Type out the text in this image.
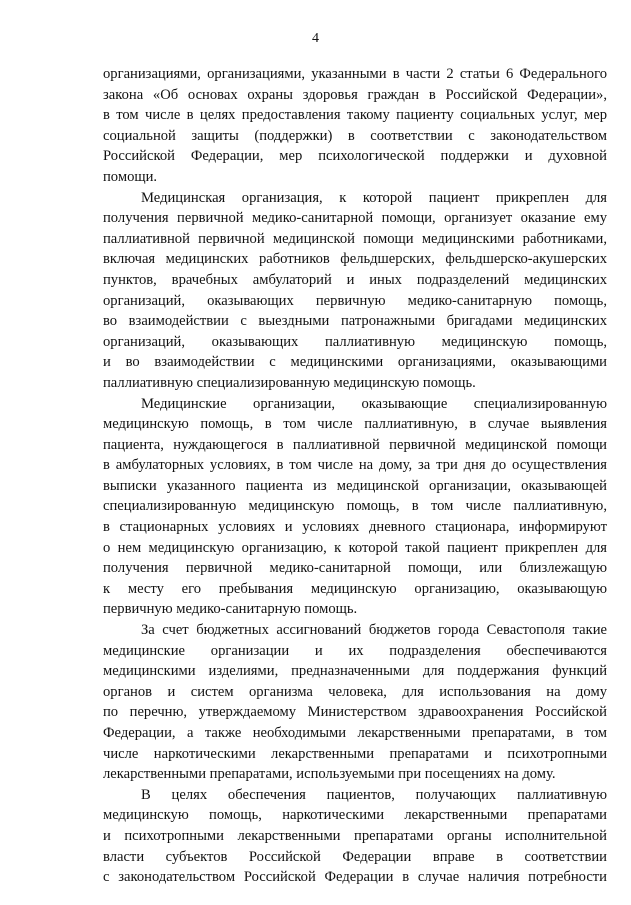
4
организациями, организациями, указанными в части 2 статьи 6 Федерального
закона «Об основах охраны здоровья граждан в Российской Федерации»,
в том числе в целях предоставления такому пациенту социальных услуг, мер
социальной защиты (поддержки) в соответствии с законодательством
Российской Федерации, мер психологической поддержки и духовной
помощи.
Медицинская организация, к которой пациент прикреплен для
получения первичной медико-санитарной помощи, организует оказание ему
паллиативной первичной медицинской помощи медицинскими работниками,
включая медицинских работников фельдшерских, фельдшерско-акушерских
пунктов, врачебных амбулаторий и иных подразделений медицинских
организаций, оказывающих первичную медико-санитарную помощь,
во взаимодействии с выездными патронажными бригадами медицинских
организаций, оказывающих паллиативную медицинскую помощь,
и во взаимодействии с медицинскими организациями, оказывающими
паллиативную специализированную медицинскую помощь.
Медицинские организации, оказывающие специализированную
медицинскую помощь, в том числе паллиативную, в случае выявления
пациента, нуждающегося в паллиативной первичной медицинской помощи
в амбулаторных условиях, в том числе на дому, за три дня до осуществления
выписки указанного пациента из медицинской организации, оказывающей
специализированную медицинскую помощь, в том числе паллиативную,
в стационарных условиях и условиях дневного стационара, информируют
о нем медицинскую организацию, к которой такой пациент прикреплен для
получения первичной медико-санитарной помощи, или близлежащую
к месту его пребывания медицинскую организацию, оказывающую
первичную медико-санитарную помощь.
За счет бюджетных ассигнований бюджетов города Севастополя такие
медицинские организации и их подразделения обеспечиваются
медицинскими изделиями, предназначенными для поддержания функций
органов и систем организма человека, для использования на дому
по перечню, утверждаемому Министерством здравоохранения Российской
Федерации, а также необходимыми лекарственными препаратами, в том
числе наркотическими лекарственными препаратами и психотропными
лекарственными препаратами, используемыми при посещениях на дому.
В целях обеспечения пациентов, получающих паллиативную
медицинскую помощь, наркотическими лекарственными препаратами
и психотропными лекарственными препаратами органы исполнительной
власти субъектов Российской Федерации вправе в соответствии
с законодательством Российской Федерации в случае наличия потребности
